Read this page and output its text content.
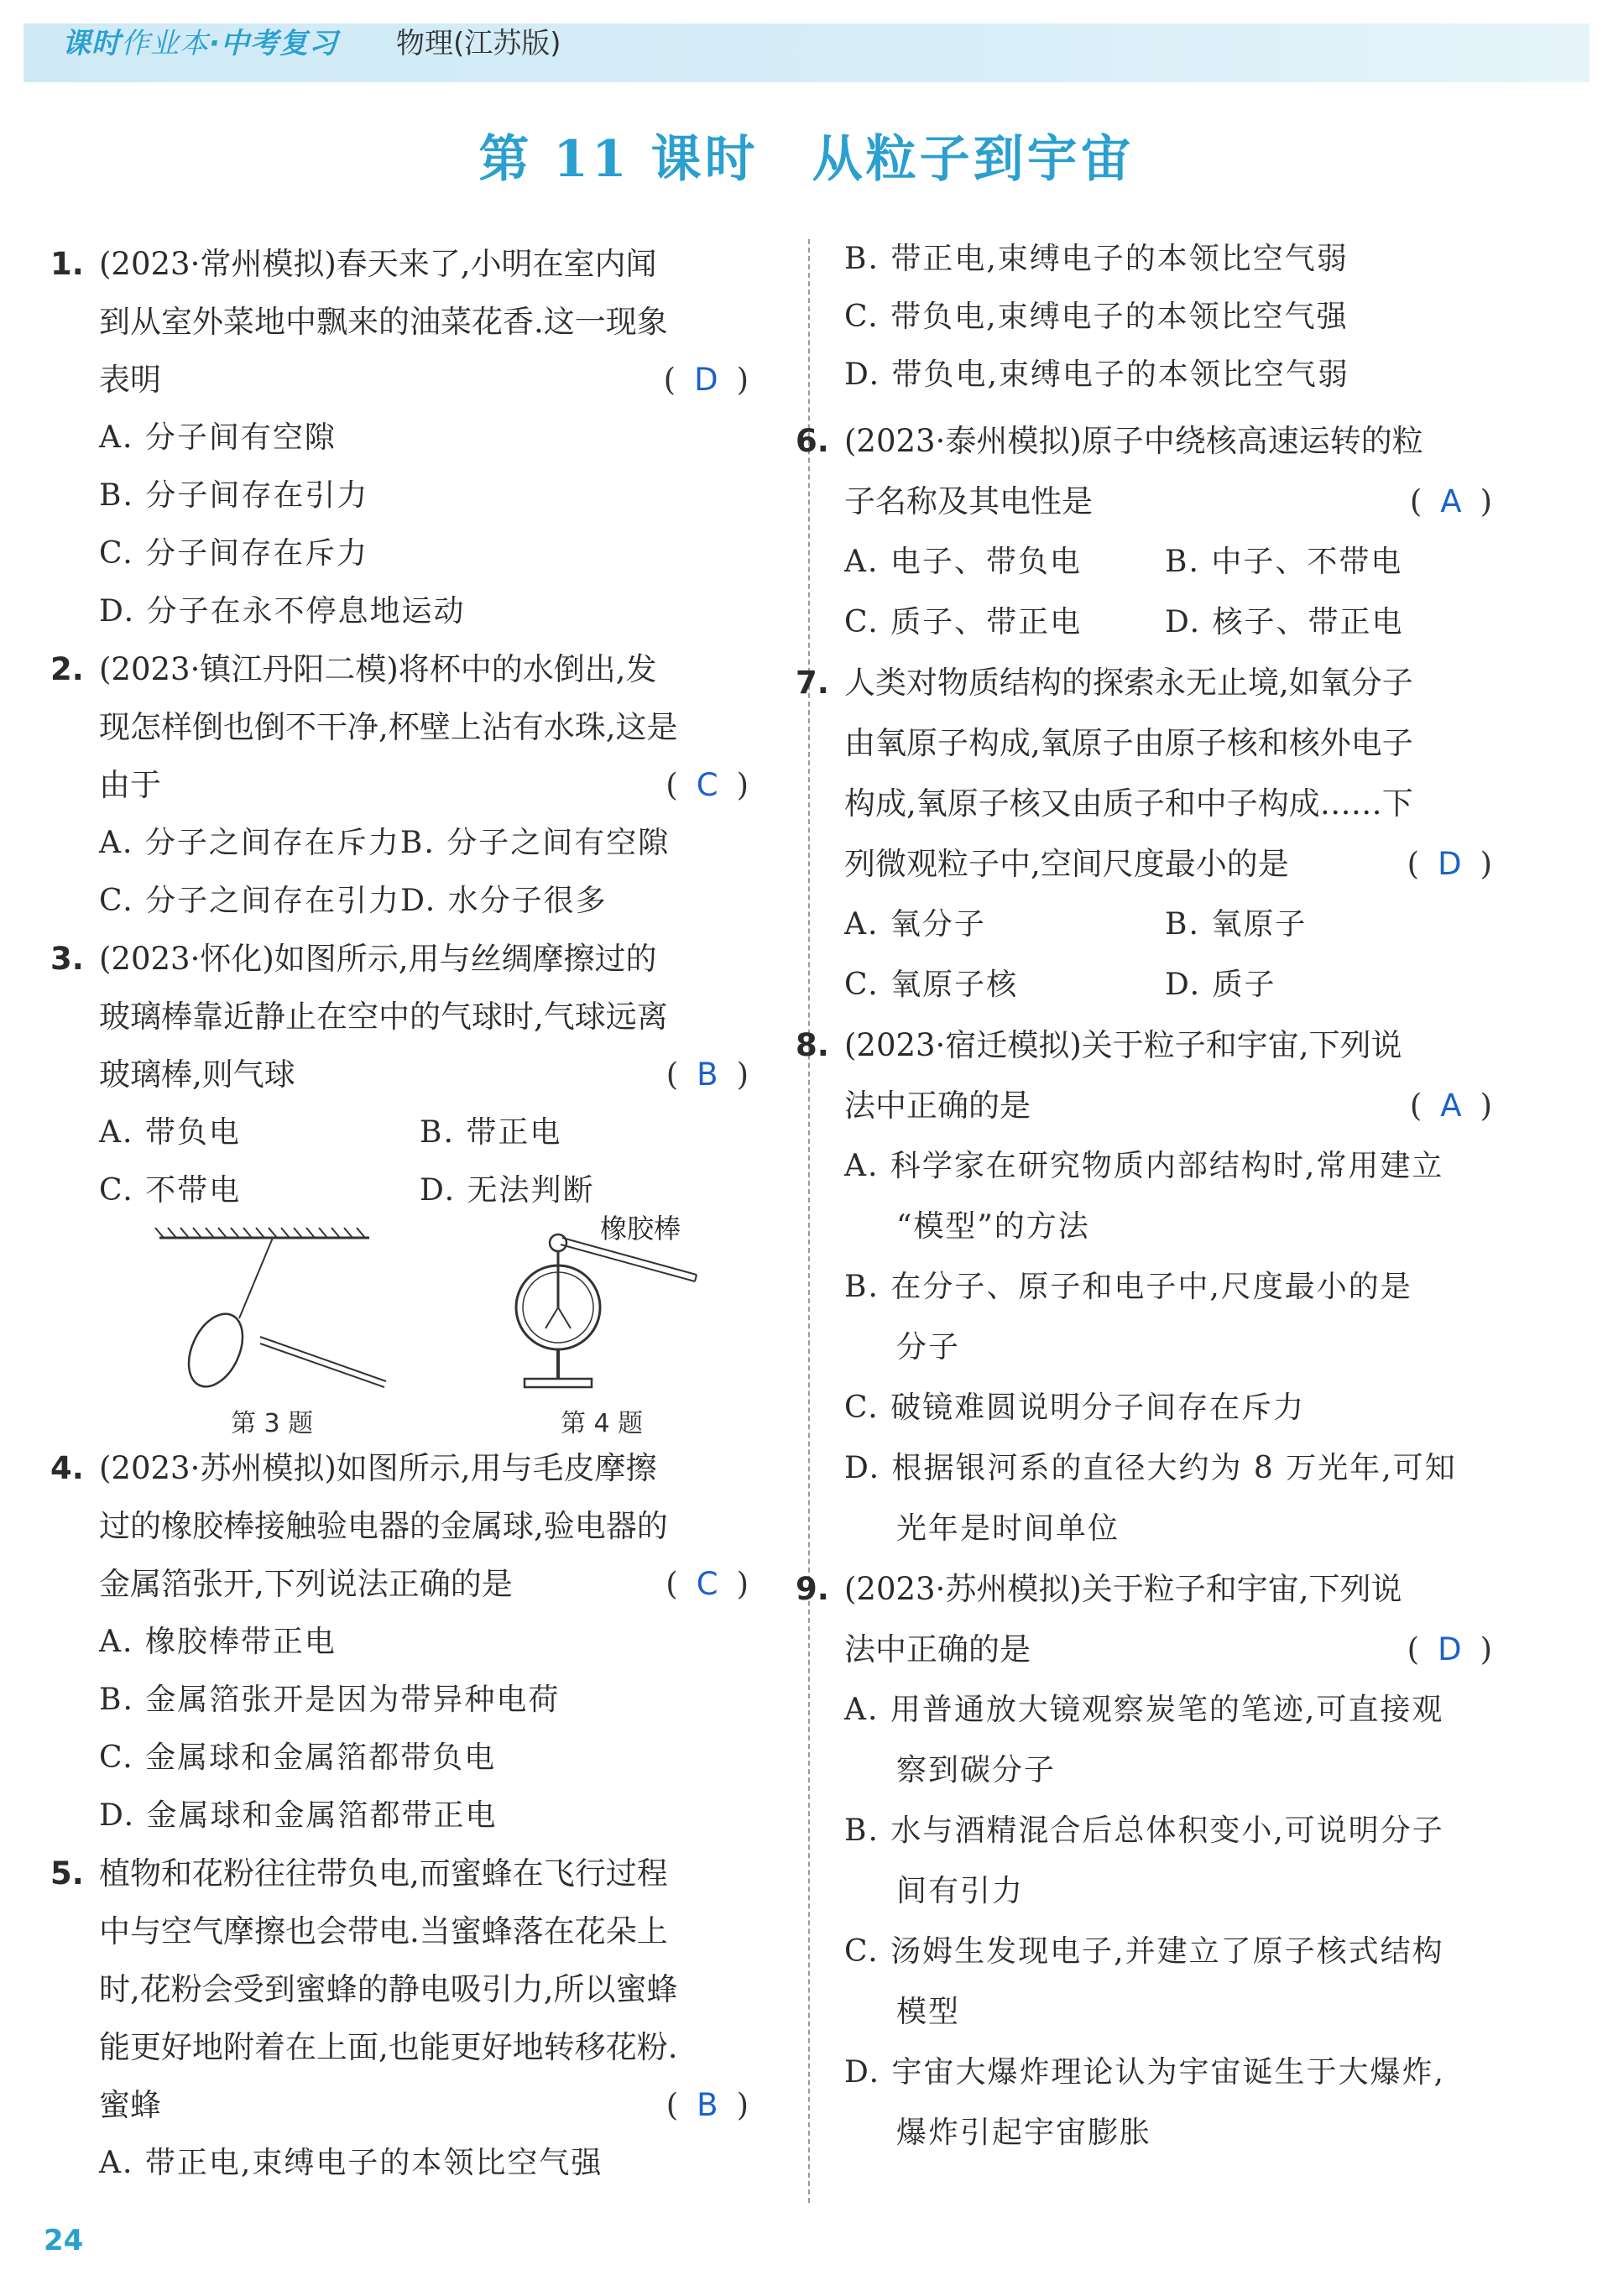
课时作业本·中考复习 物理(江苏版)
第 11 课时　从粒子到宇宙
1. (2023·常州模拟)春天来了,小明在室内闻
到从室外菜地中飘来的油菜花香.这一现象
表明	( D )
A. 分子间有空隙
B. 分子间存在引力
C. 分子间存在斥力
D. 分子在永不停息地运动
2. (2023·镇江丹阳二模)将杯中的水倒出,发
现怎样倒也倒不干净,杯壁上沾有水珠,这是
由于	( C )
A. 分子之间存在斥力B. 分子之间有空隙
C. 分子之间存在引力D. 水分子很多
3. (2023·怀化)如图所示,用与丝绸摩擦过的
玻璃棒靠近静止在空中的气球时,气球远离
玻璃棒,则气球	( B )
A. 带负电	B. 带正电
C. 不带电	D. 无法判断
橡胶棒
第 3 题	第 4 题
4. (2023·苏州模拟)如图所示,用与毛皮摩擦
过的橡胶棒接触验电器的金属球,验电器的
金属箔张开,下列说法正确的是	( C )
A. 橡胶棒带正电
B. 金属箔张开是因为带异种电荷
C. 金属球和金属箔都带负电
D. 金属球和金属箔都带正电
5. 植物和花粉往往带负电,而蜜蜂在飞行过程
中与空气摩擦也会带电.当蜜蜂落在花朵上
时,花粉会受到蜜蜂的静电吸引力,所以蜜蜂
能更好地附着在上面,也能更好地转移花粉.
蜜蜂	( B )
A. 带正电,束缚电子的本领比空气强
B. 带正电,束缚电子的本领比空气弱
C. 带负电,束缚电子的本领比空气强
D. 带负电,束缚电子的本领比空气弱
6. (2023·泰州模拟)原子中绕核高速运转的粒
子名称及其电性是	( A )
A. 电子、带负电	B. 中子、不带电
C. 质子、带正电	D. 核子、带正电
7. 人类对物质结构的探索永无止境,如氧分子
由氧原子构成,氧原子由原子核和核外电子
构成,氧原子核又由质子和中子构成……下
列微观粒子中,空间尺度最小的是	( D )
A. 氧分子	B. 氧原子
C. 氧原子核	D. 质子
8. (2023·宿迁模拟)关于粒子和宇宙,下列说
法中正确的是	( A )
A. 科学家在研究物质内部结构时,常用建立
“模型”的方法
B. 在分子、原子和电子中,尺度最小的是
分子
C. 破镜难圆说明分子间存在斥力
D. 根据银河系的直径大约为 8 万光年,可知
光年是时间单位
9. (2023·苏州模拟)关于粒子和宇宙,下列说
法中正确的是	( D )
A. 用普通放大镜观察炭笔的笔迹,可直接观
察到碳分子
B. 水与酒精混合后总体积变小,可说明分子
间有引力
C. 汤姆生发现电子,并建立了原子核式结构
模型
D. 宇宙大爆炸理论认为宇宙诞生于大爆炸,
爆炸引起宇宙膨胀
24
